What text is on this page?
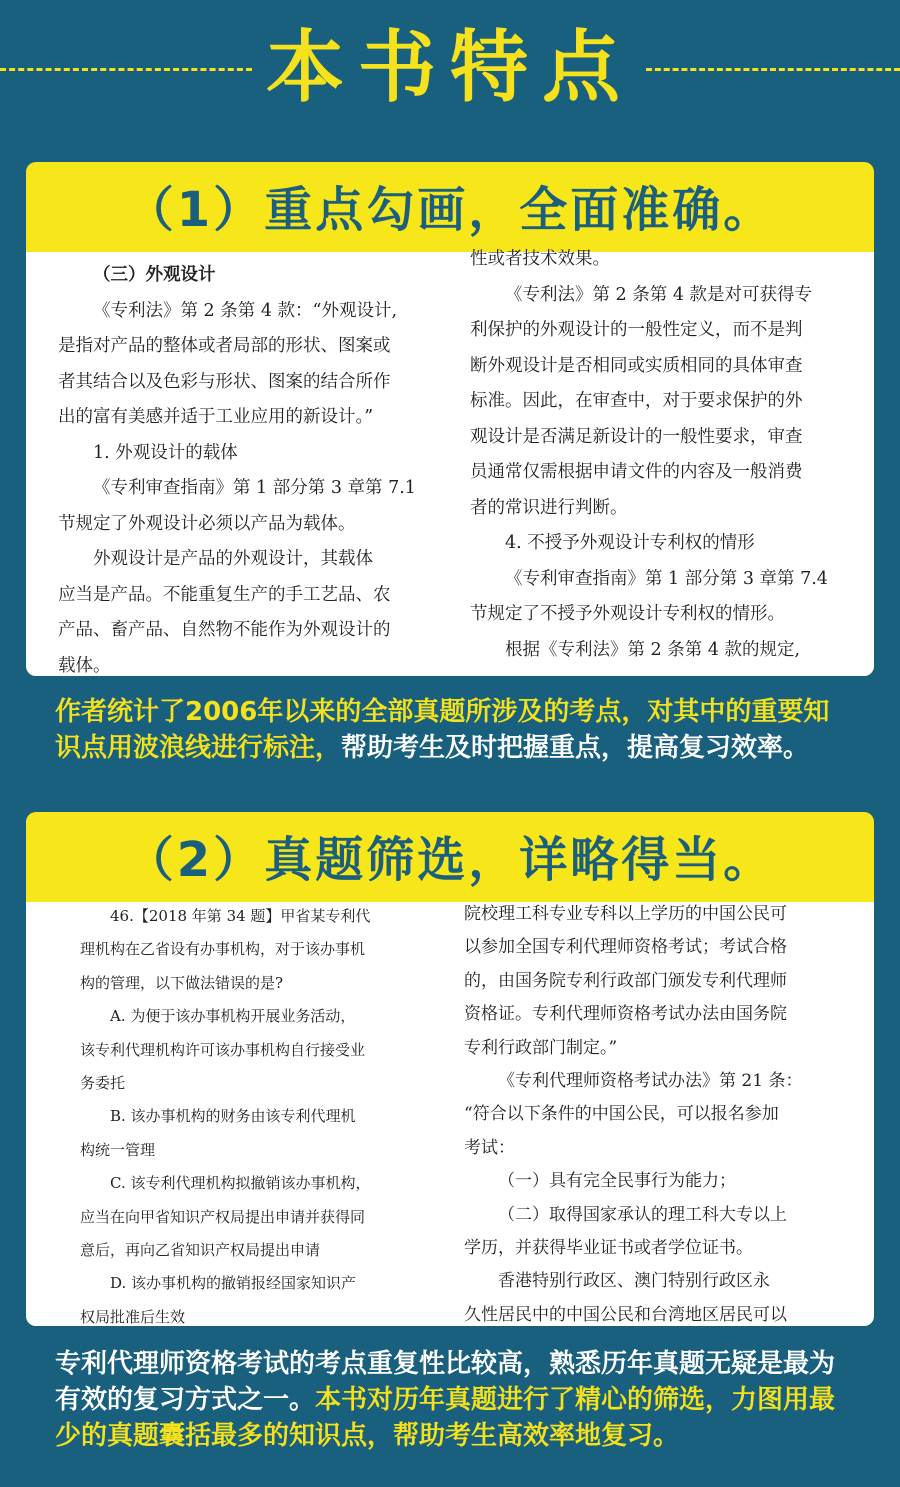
本书特点
（1）重点勾画，全面准确。

（三）外观设计

《专利法》第 2 条第 4 款：“外观设计,

是指对产品的整体或者局部的形状、图案或

者其结合以及色彩与形状、图案的结合所作

出的富有美感并适于工业应用的新设计。”

1. 外观设计的载体

《专利审查指南》第 1 部分第 3 章第 7.1

节规定了外观设计必须以产品为载体。

外观设计是产品的外观设计，其载体

应当是产品。不能重复生产的手工艺品、农

产品、畜产品、自然物不能作为外观设计的

载体。

性或者技术效果。

《专利法》第 2 条第 4 款是对可获得专

利保护的外观设计的一般性定义，而不是判

断外观设计是否相同或实质相同的具体审查

标准。因此，在审查中，对于要求保护的外

观设计是否满足新设计的一般性要求，审查

员通常仅需根据申请文件的内容及一般消费

者的常识进行判断。

4. 不授予外观设计专利权的情形

《专利审查指南》第 1 部分第 3 章第 7.4

节规定了不授予外观设计专利权的情形。

根据《专利法》第 2 条第 4 款的规定,

作者统计了2006年以来的全部真题所涉及的考点，对其中的重要知识点用波浪线进行标注，帮助考生及时把握重点，提高复习效率。
（2）真题筛选，详略得当。

46.【2018 年第 34 题】甲省某专利代

理机构在乙省设有办事机构，对于该办事机

构的管理，以下做法错误的是?

A. 为便于该办事机构开展业务活动，

该专利代理机构许可该办事机构自行接受业

务委托

B. 该办事机构的财务由该专利代理机

构统一管理

C. 该专利代理机构拟撤销该办事机构，

应当在向甲省知识产权局提出申请并获得同

意后，再向乙省知识产权局提出申请

D. 该办事机构的撤销报经国家知识产

权局批准后生效

院校理工科专业专科以上学历的中国公民可

以参加全国专利代理师资格考试；考试合格

的，由国务院专利行政部门颁发专利代理师

资格证。专利代理师资格考试办法由国务院

专利行政部门制定。”

《专利代理师资格考试办法》第 21 条：

“符合以下条件的中国公民，可以报名参加

考试：

（一）具有完全民事行为能力；

（二）取得国家承认的理工科大专以上

学历，并获得毕业证书或者学位证书。

香港特别行政区、澳门特别行政区永

久性居民中的中国公民和台湾地区居民可以

专利代理师资格考试的考点重复性比较高，熟悉历年真题无疑是最为有效的复习方式之一。本书对历年真题进行了精心的筛选，力图用最少的真题囊括最多的知识点，帮助考生高效率地复习。
